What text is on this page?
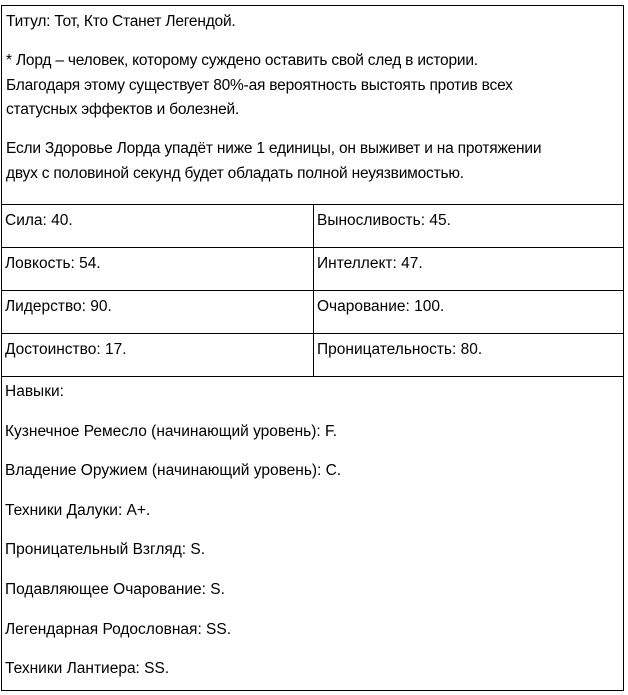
Титул: Тот, Кто Станет Легендой.

* Лорд – человек, которому суждено оставить свой след в истории.

Благодаря этому существует 80%-ая вероятность выстоять против всех

статусных эффектов и болезней.

Если Здоровье Лорда упадёт ниже 1 единицы, он выживет и на протяжении

двух с половиной секунд будет обладать полной неуязвимостью.

Сила: 40.	Выносливость: 45.
Ловкость: 54.	Интеллект: 47.
Лидерство: 90.	Очарование: 100.
Достоинство: 17.	Проницательность: 80.
Навыки:
Кузнечное Ремесло (начинающий уровень): F.
Владение Оружием (начинающий уровень): C.
Техники Далуки: A+.
Проницательный Взгляд: S.
Подавляющее Очарование: S.
Легендарная Родословная: SS.
Техники Лантиера: SS.
